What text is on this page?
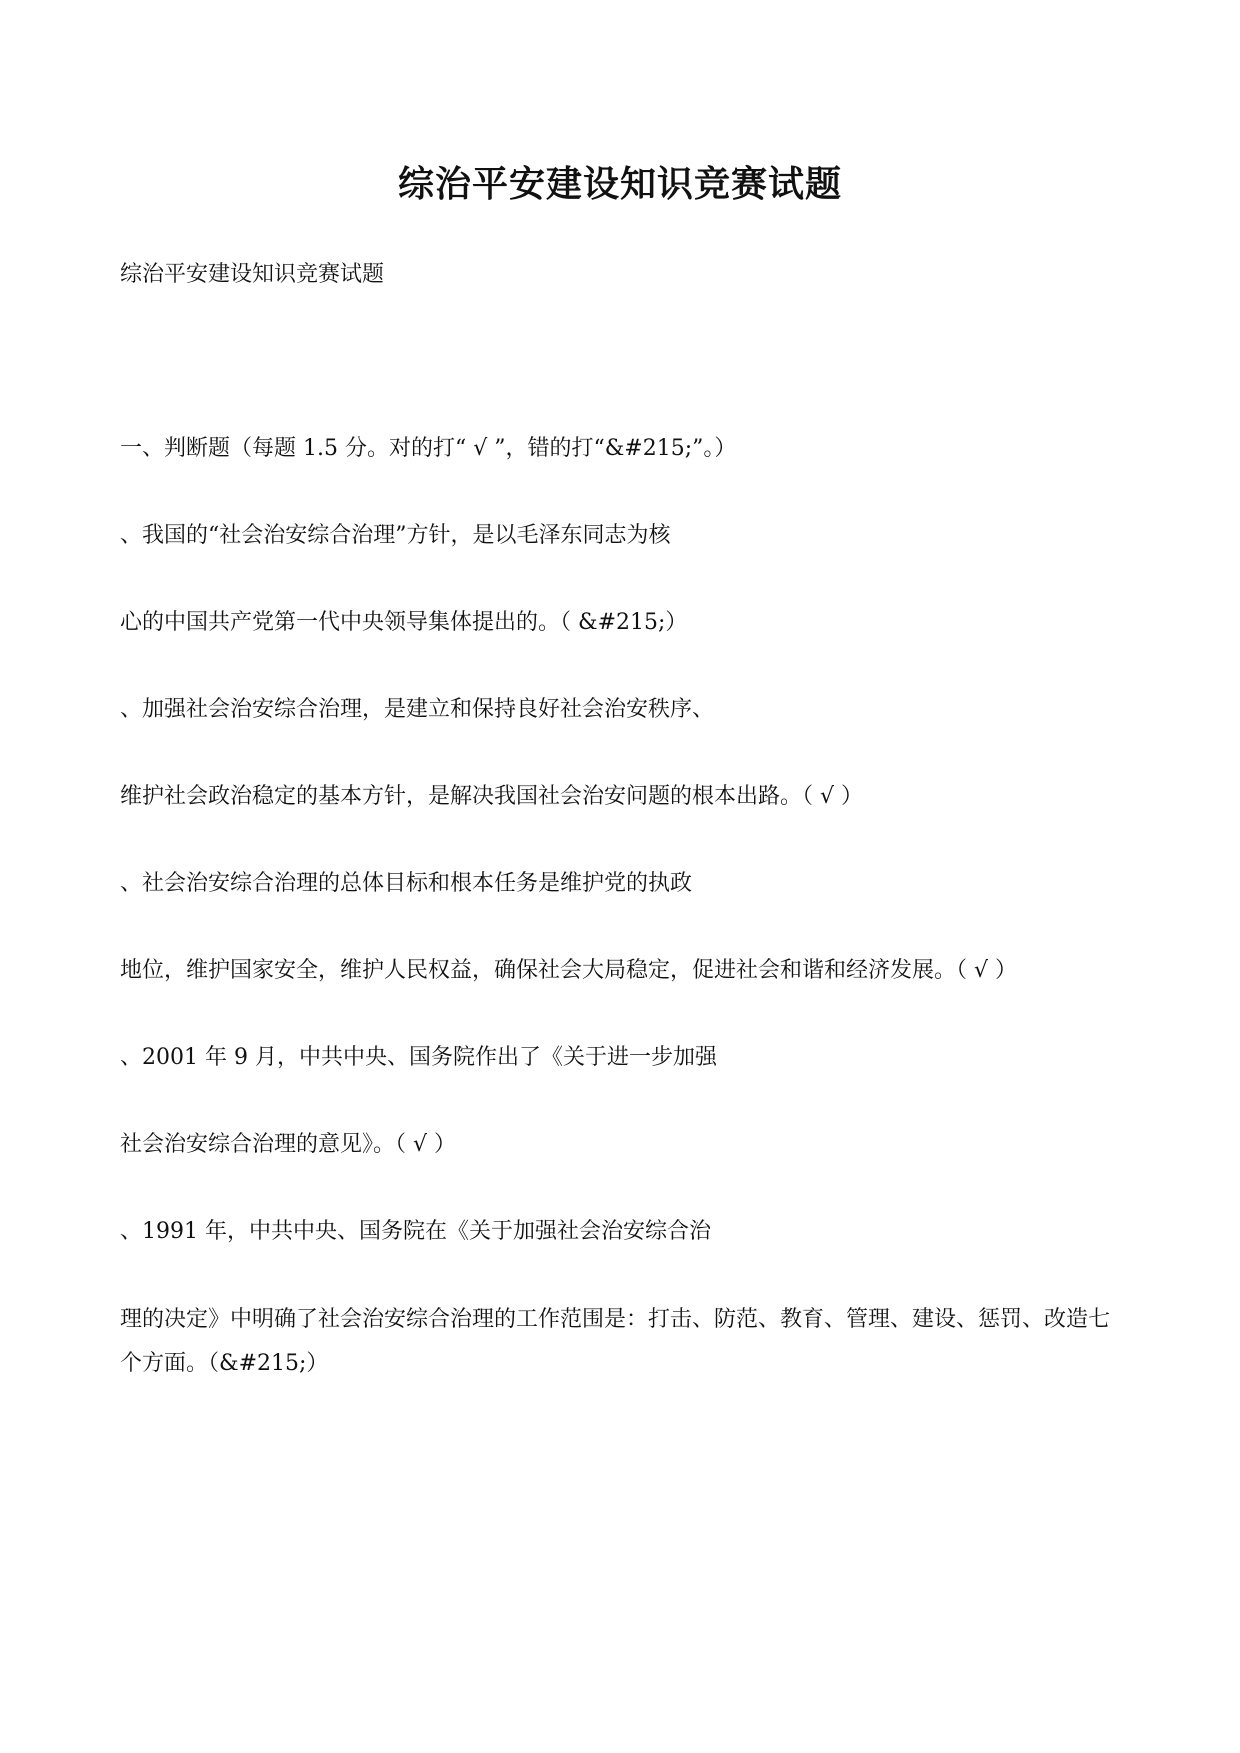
综治平安建设知识竞赛试题

综治平安建设知识竞赛试题

一、判断题（每题 1.5 分。对的打“ √ ”，错的打“&#215;”。）

、我国的“社会治安综合治理”方针，是以毛泽东同志为核

心的中国共产党第一代中央领导集体提出的。（ &#215;）

、加强社会治安综合治理，是建立和保持良好社会治安秩序、

维护社会政治稳定的基本方针，是解决我国社会治安问题的根本出路。（ √ ）

、社会治安综合治理的总体目标和根本任务是维护党的执政

地位，维护国家安全，维护人民权益，确保社会大局稳定，促进社会和谐和经济发展。（ √ ）

、2001 年 9 月，中共中央、国务院作出了《关于进一步加强

社会治安综合治理的意见》。（ √ ）

、1991 年，中共中央、国务院在《关于加强社会治安综合治

理的决定》中明确了社会治安综合治理的工作范围是：打击、防范、教育、管理、建设、惩罚、改造七个方面。（&#215;）
